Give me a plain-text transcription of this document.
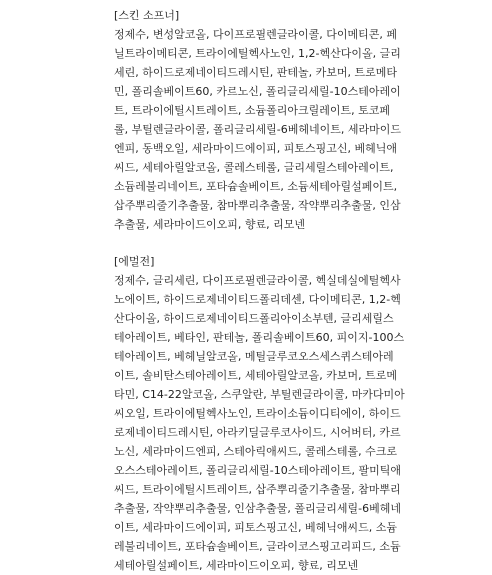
[스킨 소프너]

정제수, 변성알코올, 다이프로필렌글라이콜, 다이메티콘, 페
닐트라이메티콘, 트라이에틸헥사노인, 1,2-헥산다이올, 글리
세린, 하이드로제네이티드레시틴, 판테놀, 카보머, 트로메타
민, 폴리솔베이트60, 카르노신, 폴리글리세릴-10스테아레이
트, 트라이에틸시트레이트, 소듐폴리아크릴레이트, 토코페
롤, 부틸렌글라이콜, 폴리글리세릴-6베헤네이트, 세라마이드
엔피, 동백오일, 세라마이드에이피, 피토스핑고신, 베헤닉애
씨드, 세테아릴알코올, 콜레스테롤, 글리세릴스테아레이트,
소듐레불리네이트, 포타슘솔베이트, 소듐세테아릴설페이트,
삽주뿌리줄기추출물, 참마뿌리추출물, 작약뿌리추출물, 인삼
추출물, 세라마이드이오피, 향료, 리모넨

[에멀전]

정제수, 글리세린, 다이프로필렌글라이콜, 헥실데실에틸헥사
노에이트, 하이드로제네이티드폴리데센, 다이메티콘, 1,2-헥
산다이올, 하이드로제네이티드폴리아이소부텐, 글리세릴스
테아레이트, 베타인, 판테놀, 폴리솔베이트60, 피이지-100스
테아레이트, 베헤닐알코올, 메틸글루코오스세스퀴스테아레
이트, 솔비탄스테아레이트, 세테아릴알코올, 카보머, 트로메
타민, C14-22알코올, 스쿠알란, 부틸렌글라이콜, 마카다미아
씨오일, 트라이에틸헥사노인, 트라이소듐이디티에이, 하이드
로제네이티드레시틴, 아라키딜글루코사이드, 시어버터, 카르
노신, 세라마이드엔피, 스테아릭애씨드, 콜레스테롤, 수크로
오스스테아레이트, 폴리글리세릴-10스테아레이트, 팔미틱애
씨드, 트라이에틸시트레이트, 삽주뿌리줄기추출물, 참마뿌리
추출물, 작약뿌리추출물, 인삼추출물, 폴리글리세릴-6베헤네
이트, 세라마이드에이피, 피토스핑고신, 베헤닉애씨드, 소듐
레불리네이트, 포타슘솔베이트, 글라이코스핑고리피드, 소듐
세테아릴설페이트, 세라마이드이오피, 향료, 리모넨
